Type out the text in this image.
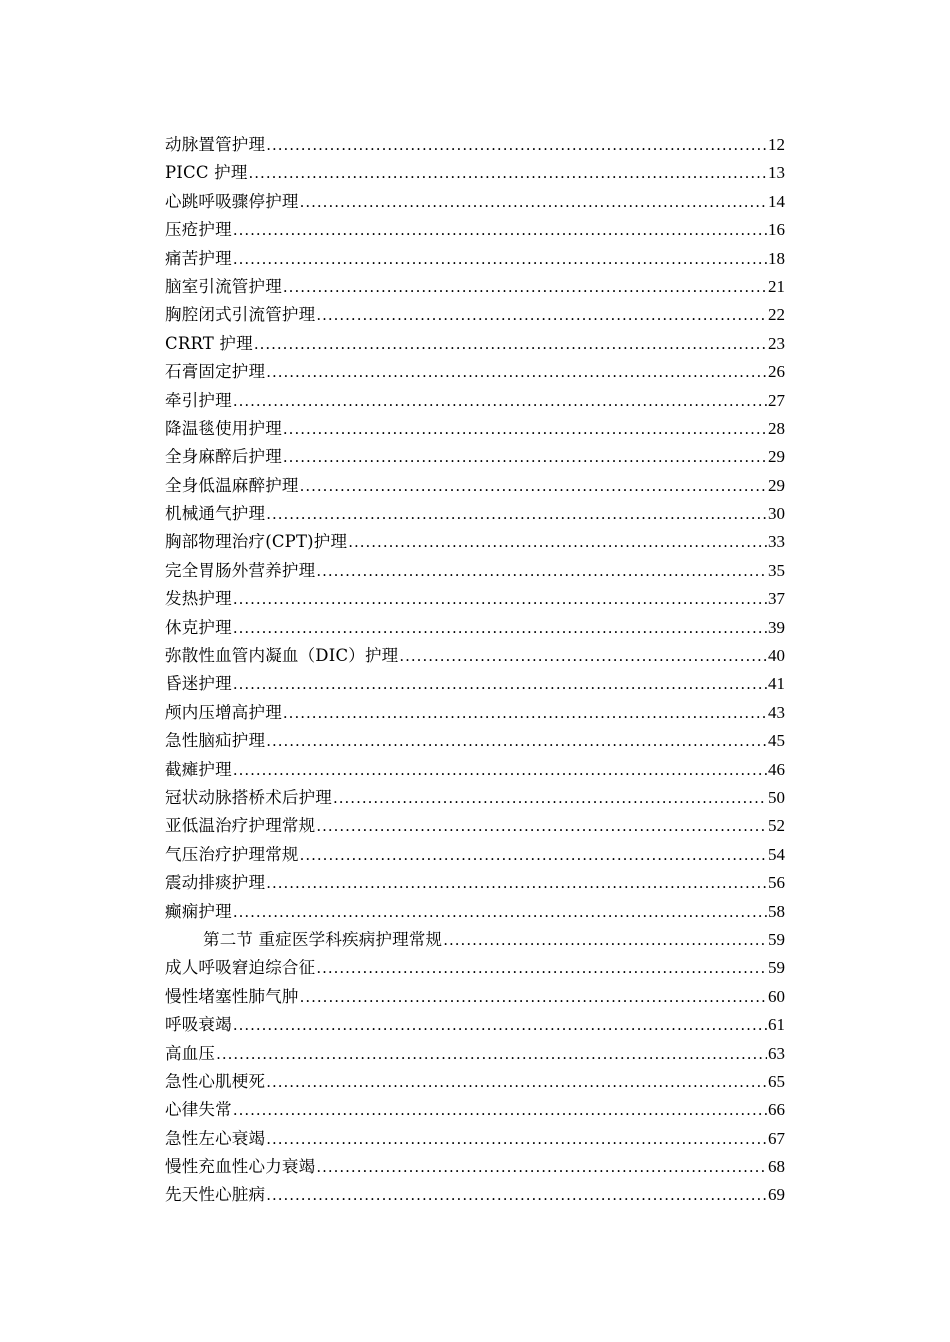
动脉置管护理 .....	12
PICC 护理 .....	13
心跳呼吸骤停护理 .....	14
压疮护理 .....	16
痛苦护理 .....	18
脑室引流管护理 .....	21
胸腔闭式引流管护理 .....	22
CRRT 护理 .....	23
石膏固定护理 .....	26
牵引护理 .....	27
降温毯使用护理 .....	28
全身麻醉后护理 .....	29
全身低温麻醉护理 .....	29
机械通气护理 .....	30
胸部物理治疗(CPT)护理 .....	33
完全胃肠外营养护理 .....	35
发热护理 .....	37
休克护理 .....	39
弥散性血管内凝血（DIC）护理 .....	40
昏迷护理 .....	41
颅内压增高护理 .....	43
急性脑疝护理 .....	45
截瘫护理 .....	46
冠状动脉搭桥术后护理 .....	50
亚低温治疗护理常规 .....	52
气压治疗护理常规 .....	54
震动排痰护理 .....	56
癫痫护理 .....	58
第二节 重症医学科疾病护理常规 .....	59
成人呼吸窘迫综合征 .....	59
慢性堵塞性肺气肿 .....	60
呼吸衰竭 .....	61
高血压 .....	63
急性心肌梗死 .....	65
心律失常 .....	66
急性左心衰竭 .....	67
慢性充血性心力衰竭 .....	68
先天性心脏病 .....	69
